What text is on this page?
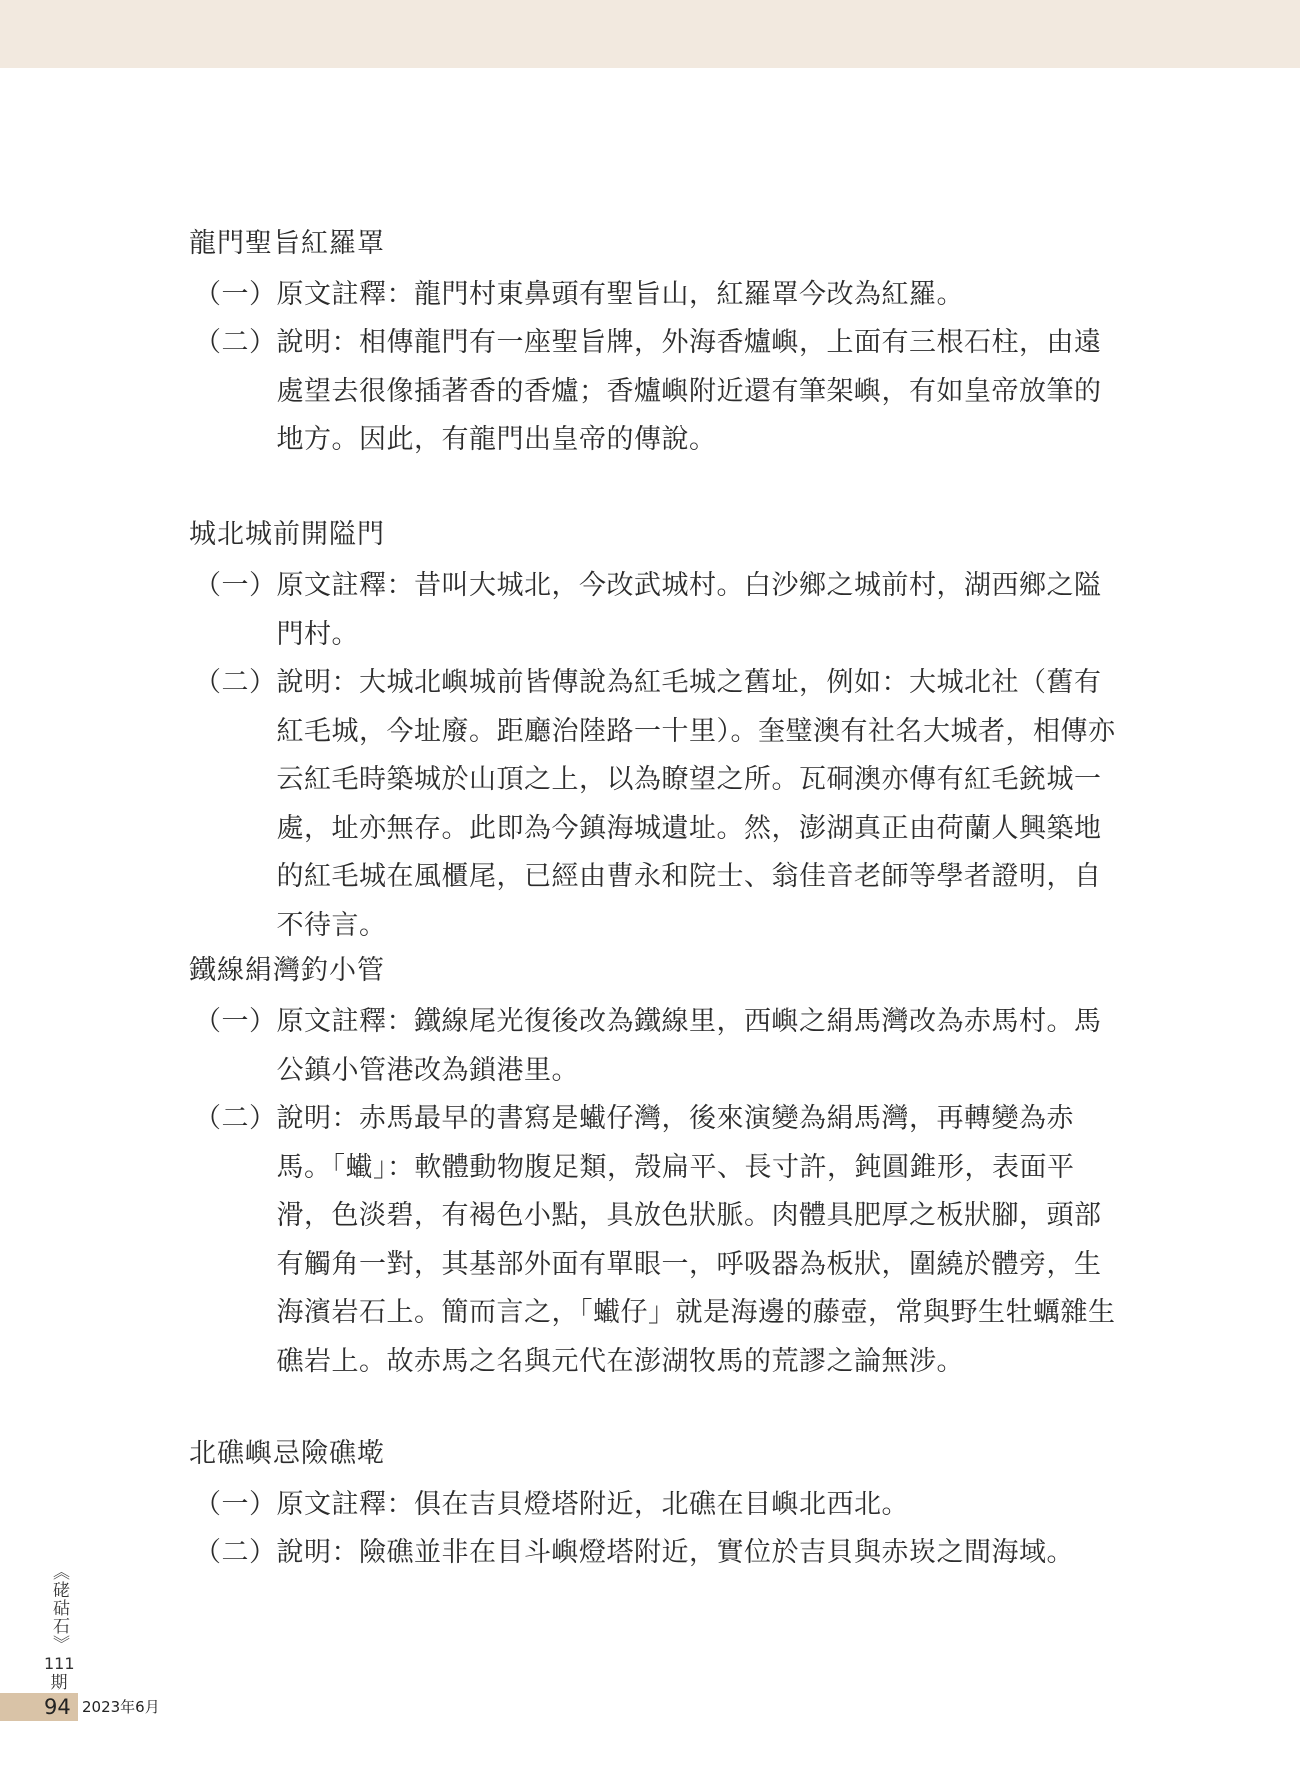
龍門聖旨紅羅罩
（一） 原文註釋：龍門村東鼻頭有聖旨山，紅羅罩今改為紅羅。
（二） 說明：相傳龍門有一座聖旨牌，外海香爐嶼，上面有三根石柱，由遠處望去很像插著香的香爐；香爐嶼附近還有筆架嶼，有如皇帝放筆的地方。因此，有龍門出皇帝的傳說。
城北城前開隘門
（一） 原文註釋：昔叫大城北，今改武城村。白沙鄉之城前村，湖西鄉之隘門村。
（二） 說明：大城北嶼城前皆傳說為紅毛城之舊址，例如：大城北社（舊有紅毛城，今址廢。距廳治陸路一十里）。奎璧澳有社名大城者，相傳亦云紅毛時築城於山頂之上，以為瞭望之所。瓦硐澳亦傳有紅毛銃城一處，址亦無存。此即為今鎮海城遺址。然，澎湖真正由荷蘭人興築地的紅毛城在風櫃尾，已經由曹永和院士、翁佳音老師等學者證明，自不待言。
鐵線絹灣釣小管
（一） 原文註釋：鐵線尾光復後改為鐵線里，西嶼之絹馬灣改為赤馬村。馬公鎮小管港改為鎖港里。
（二） 說明：赤馬最早的書寫是蠘仔灣，後來演變為絹馬灣，再轉變為赤馬。「蠘」：軟體動物腹足類，殼扁平、長寸許，鈍圓錐形，表面平滑，色淡碧，有褐色小點，具放色狀脈。肉體具肥厚之板狀腳，頭部有觸角一對，其基部外面有單眼一，呼吸器為板狀，圍繞於體旁，生海濱岩石上。簡而言之，「蠘仔」就是海邊的藤壺，常與野生牡蠣雜生礁岩上。故赤馬之名與元代在澎湖牧馬的荒謬之論無涉。
北礁嶼忌險礁墘
（一） 原文註釋：俱在吉貝燈塔附近，北礁在目嶼北西北。
（二） 說明：險礁並非在目斗嶼燈塔附近，實位於吉貝與赤崁之間海域。
《硓𥑮石》
111
期
94 2023年6月
